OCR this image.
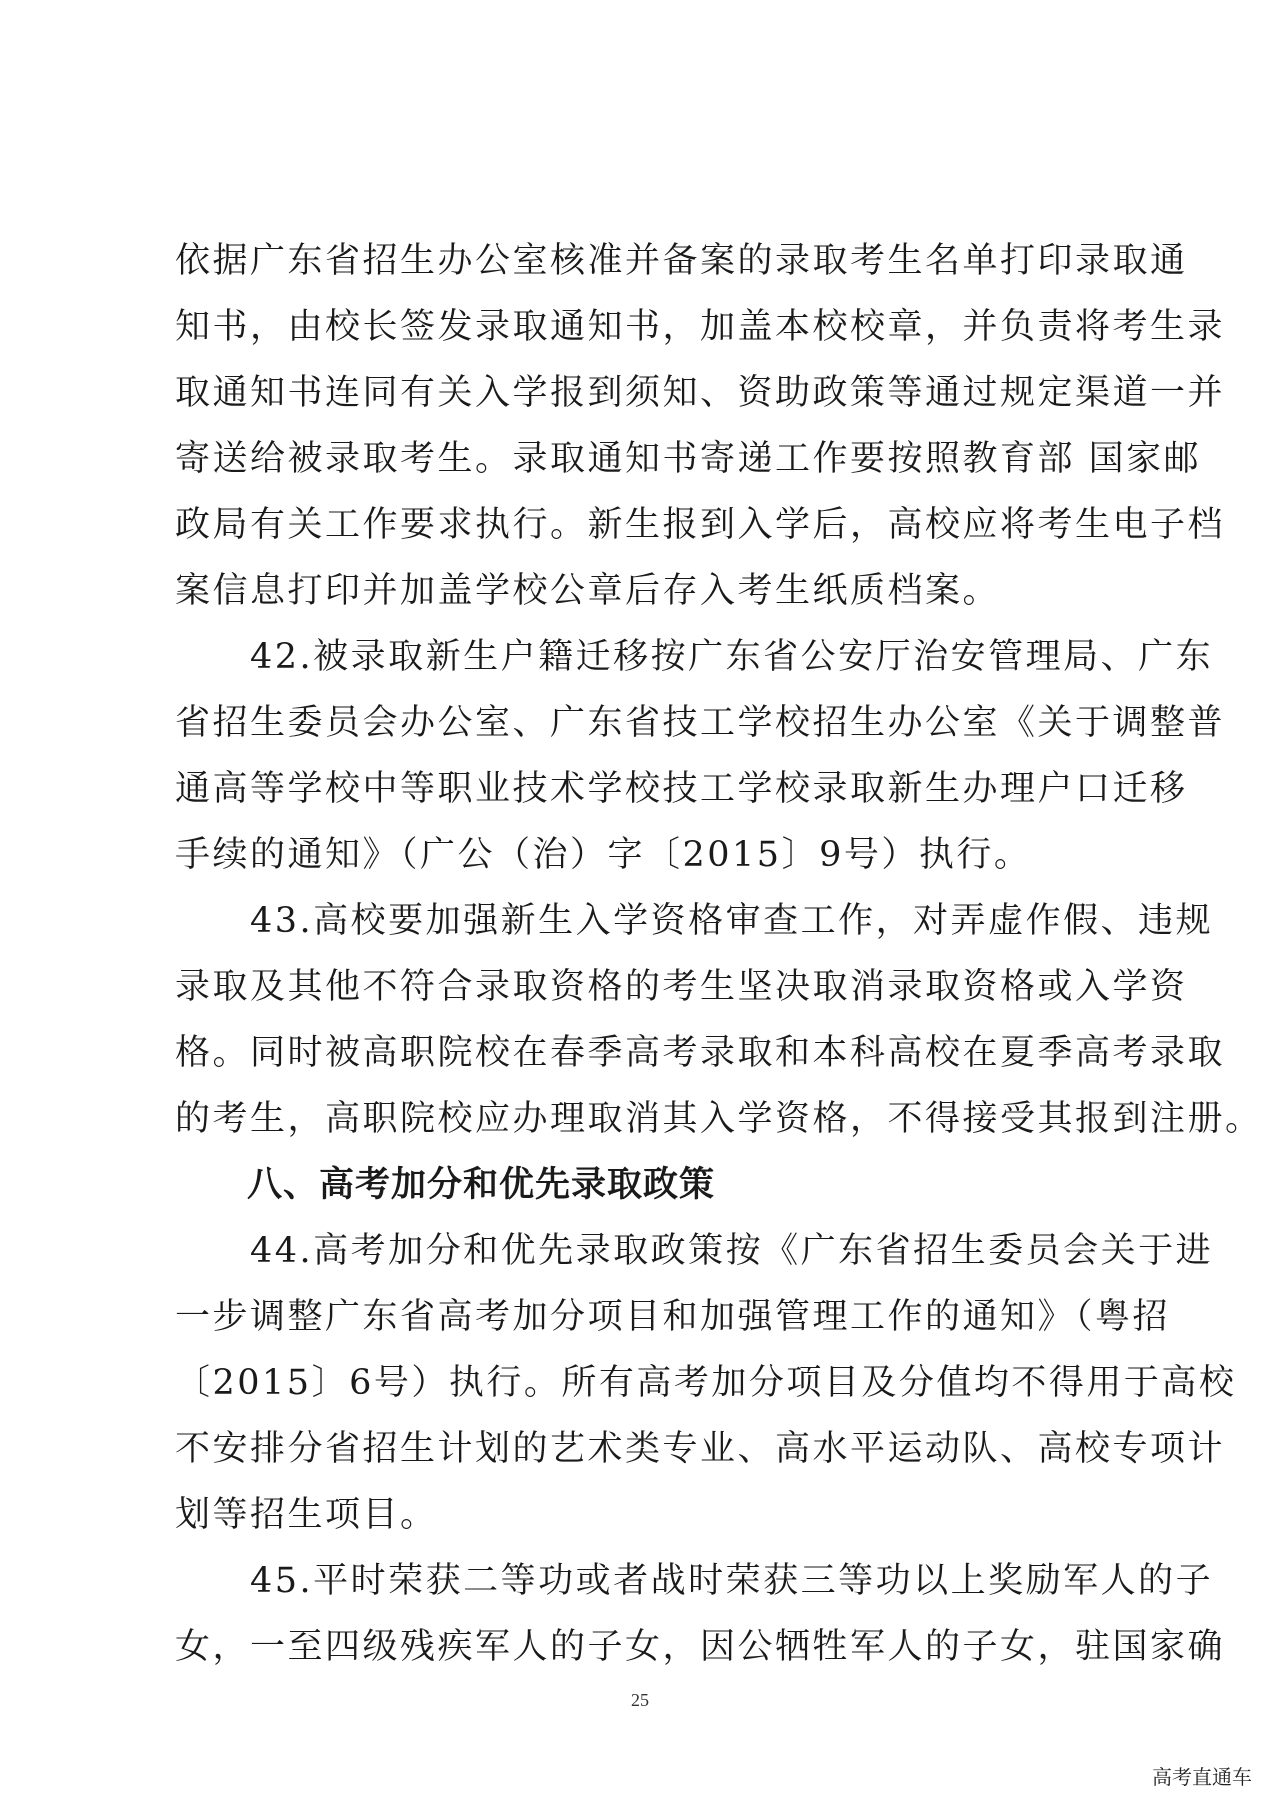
依据广东省招生办公室核准并备案的录取考生名单打印录取通
知书，由校长签发录取通知书，加盖本校校章，并负责将考生录
取通知书连同有关入学报到须知、资助政策等通过规定渠道一并
寄送给被录取考生。录取通知书寄递工作要按照教育部 国家邮
政局有关工作要求执行。新生报到入学后，高校应将考生电子档
案信息打印并加盖学校公章后存入考生纸质档案。
　　42.被录取新生户籍迁移按广东省公安厅治安管理局、广东
省招生委员会办公室、广东省技工学校招生办公室《关于调整普
通高等学校中等职业技术学校技工学校录取新生办理户口迁移
手续的通知》（广公（治）字〔2015〕9号）执行。
　　43.高校要加强新生入学资格审查工作，对弄虚作假、违规
录取及其他不符合录取资格的考生坚决取消录取资格或入学资
格。同时被高职院校在春季高考录取和本科高校在夏季高考录取
的考生，高职院校应办理取消其入学资格，不得接受其报到注册。
　　八、高考加分和优先录取政策
　　44.高考加分和优先录取政策按《广东省招生委员会关于进
一步调整广东省高考加分项目和加强管理工作的通知》（粤招
〔2015〕6号）执行。所有高考加分项目及分值均不得用于高校
不安排分省招生计划的艺术类专业、高水平运动队、高校专项计
划等招生项目。
　　45.平时荣获二等功或者战时荣获三等功以上奖励军人的子
女，一至四级残疾军人的子女，因公牺牲军人的子女，驻国家确
25
高考直通车
